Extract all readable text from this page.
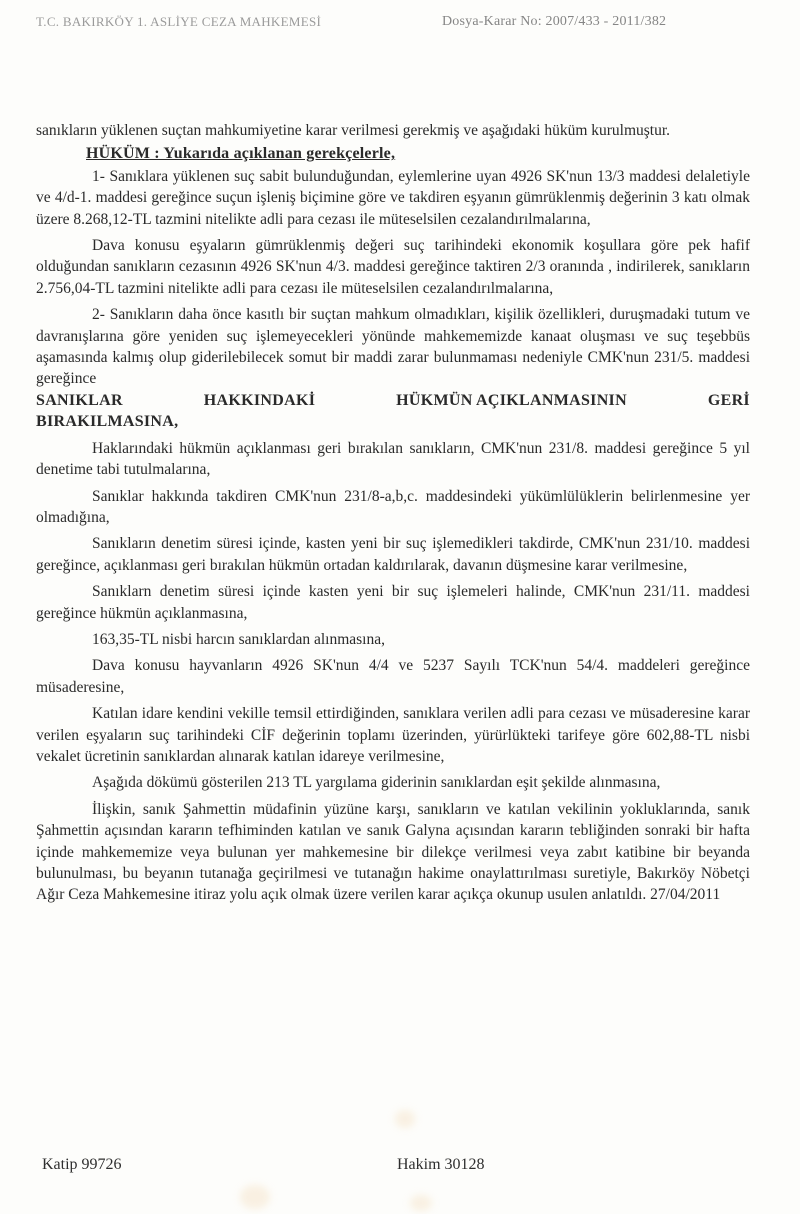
T.C. BAKIRKÖY 1. ASLİYE CEZA MAHKEMESİ	Dosya-Karar No: 2007/433 - 2011/382

sanıkların yüklenen suçtan mahkumiyetine karar verilmesi gerekmiş ve aşağıdaki hüküm kurulmuştur.

HÜKÜM : Yukarıda açıklanan gerekçelerle,

1- Sanıklara yüklenen suç sabit bulunduğundan, eylemlerine uyan 4926 SK'nun 13/3 maddesi delaletiyle ve 4/d-1. maddesi gereğince suçun işleniş biçimine göre ve takdiren eşyanın gümrüklenmiş değerinin 3 katı olmak üzere 8.268,12-TL tazmini nitelikte adli para cezası ile müteselsilen cezalandırılmalarına,

Dava konusu eşyaların gümrüklenmiş değeri suç tarihindeki ekonomik koşullara göre pek hafif olduğundan sanıkların cezasının 4926 SK'nun 4/3. maddesi gereğince taktiren 2/3 oranında , indirilerek, sanıkların 2.756,04-TL tazmini nitelikte adli para cezası ile müteselsilen cezalandırılmalarına,

2- Sanıkların daha önce kasıtlı bir suçtan mahkum olmadıkları, kişilik özellikleri, duruşmadaki tutum ve davranışlarına göre yeniden suç işlemeyecekleri yönünde mahkememizde kanaat oluşması ve suç teşebbüs aşamasında kalmış olup giderilebilecek somut bir maddi zarar bulunmaması nedeniyle CMK'nun 231/5. maddesi gereğince

SANIKLAR	HAKKINDAKİ	HÜKMÜN AÇIKLANMASININ	GERİ
BIRAKILMASINA,

Haklarındaki hükmün açıklanması geri bırakılan sanıkların, CMK'nun 231/8. maddesi gereğince 5 yıl denetime tabi tutulmalarına,

Sanıklar hakkında takdiren CMK'nun 231/8-a,b,c. maddesindeki yükümlülüklerin belirlenmesine yer olmadığına,

Sanıkların denetim süresi içinde, kasten yeni bir suç işlemedikleri takdirde, CMK'nun 231/10. maddesi gereğince, açıklanması geri bırakılan hükmün ortadan kaldırılarak, davanın düşmesine karar verilmesine,

Sanıklarn denetim süresi içinde kasten yeni bir suç işlemeleri halinde, CMK'nun 231/11. maddesi gereğince hükmün açıklanmasına,

163,35-TL nisbi harcın sanıklardan alınmasına,

Dava konusu hayvanların 4926 SK'nun 4/4 ve 5237 Sayılı TCK'nun 54/4. maddeleri gereğince müsaderesine,

Katılan idare kendini vekille temsil ettirdiğinden, sanıklara verilen adli para cezası ve müsaderesine karar verilen eşyaların suç tarihindeki CİF değerinin toplamı üzerinden, yürürlükteki tarifeye göre 602,88-TL nisbi vekalet ücretinin sanıklardan alınarak katılan idareye verilmesine,

Aşağıda dökümü gösterilen 213 TL yargılama giderinin sanıklardan eşit şekilde alınmasına,

İlişkin, sanık Şahmettin müdafinin yüzüne karşı, sanıkların ve katılan vekilinin yokluklarında, sanık Şahmettin açısından kararın tefhiminden katılan ve sanık Galyna açısından kararın tebliğinden sonraki bir hafta içinde mahkememize veya bulunan yer mahkemesine bir dilekçe verilmesi veya zabıt katibine bir beyanda bulunulması, bu beyanın tutanağa geçirilmesi ve tutanağın hakime onaylattırılması suretiyle, Bakırköy Nöbetçi Ağır Ceza Mahkemesine itiraz yolu açık olmak üzere verilen karar açıkça okunup usulen anlatıldı. 27/04/2011

Katip 99726	Hakim 30128
